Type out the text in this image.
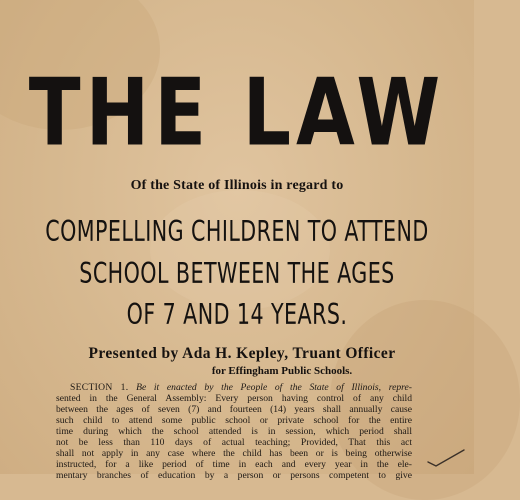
THE LAW
Of the State of Illinois in regard to
COMPELLING CHILDREN TO ATTEND
SCHOOL BETWEEN THE AGES
OF 7 AND 14 YEARS.
Presented by Ada H. Kepley, Truant Officer
for Effingham Public Schools.
SECTION 1. Be it enacted by the People of the State of Illinois, repre-
sented in the General Assembly: Every person having control of any child
between the ages of seven (7) and fourteen (14) years shall annually cause
such child to attend some public school or private school for the entire
time during which the school attended is in session, which period shall
not be less than 110 days of actual teaching; Provided, That this act
shall not apply in any case where the child has been or is being otherwise
instructed, for a like period of time in each and every year in the ele-
mentary branches of education by a person or persons competent to give
